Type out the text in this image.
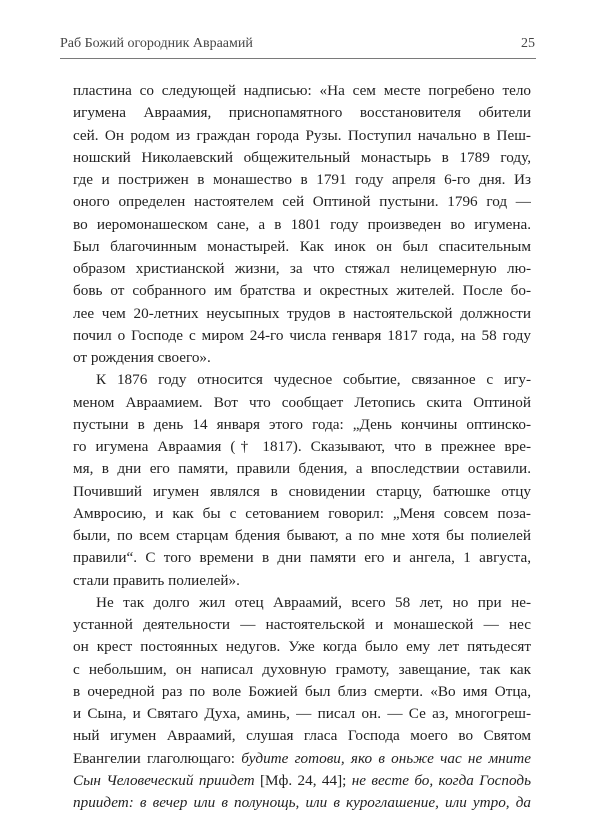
Раб Божий огородник Авраамий	25
пластина со следующей надписью: «На сем месте погребено тело
игумена Авраамия, приснопамятного восстановителя обители
сей. Он родом из граждан города Рузы. Поступил начально в Пеш-
ношский Николаевский общежительный монастырь в 1789 году,
где и пострижен в монашество в 1791 году апреля 6-го дня. Из
оного определен настоятелем сей Оптиной пустыни. 1796 год —
во иеромонашеском сане, а в 1801 году произведен во игумена.
Был благочинным монастырей. Как инок он был спасительным
образом христианской жизни, за что стяжал нелицемерную лю-
бовь от собранного им братства и окрестных жителей. После бо-
лее чем 20-летних неусыпных трудов в настоятельской должности
почил о Господе с миром 24-го числа генваря 1817 года, на 58 году
от рождения своего».
К 1876 году относится чудесное событие, связанное с игу-
меном Авраамием. Вот что сообщает Летопись скита Оптиной
пустыни в день 14 января этого года: „День кончины оптинско-
го игумена Авраамия († 1817). Сказывают, что в прежнее вре-
мя, в дни его памяти, правили бдения, а впоследствии оставили.
Почивший игумен являлся в сновидении старцу, батюшке отцу
Амвросию, и как бы с сетованием говорил: „Меня совсем поза-
были, по всем старцам бдения бывают, а по мне хотя бы полиелей
правили“. С того времени в дни памяти его и ангела, 1 августа,
стали править полиелей».
Не так долго жил отец Авраамий, всего 58 лет, но при не-
устанной деятельности — настоятельской и монашеской — нес
он крест постоянных недугов. Уже когда было ему лет пятьдесят
с небольшим, он написал духовную грамоту, завещание, так как
в очередной раз по воле Божией был близ смерти. «Во имя Отца,
и Сына, и Святаго Духа, аминь, — писал он. — Се аз, многогреш-
ный игумен Авраамий, слушая гласа Господа моего во Святом
Евангелии глаголющаго: будите готови, яко в оньже час не мните
Сын Человеческий приидет [Мф. 24, 44]; не весте бо, когда Господь
приидет: в вечер или в полунощь, или в куроглашение, или утро, да
